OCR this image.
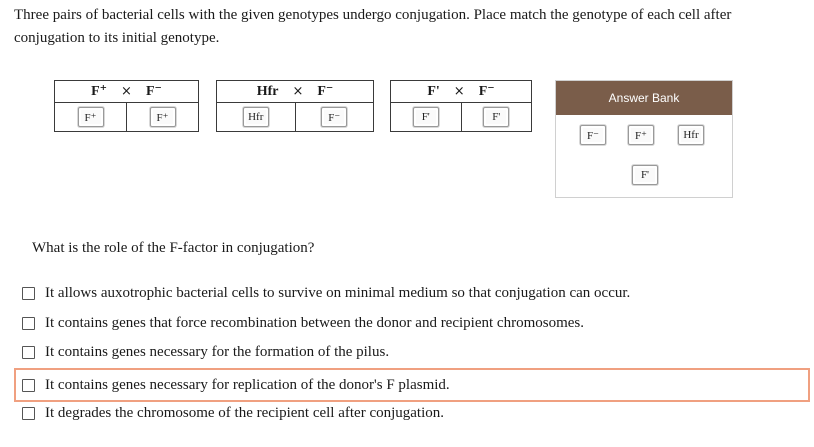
Three pairs of bacterial cells with the given genotypes undergo conjugation. Place match the genotype of each cell after conjugation to its initial genotype.

F⁺ × F⁻
F⁺	F⁺
Hfr × F⁻
Hfr	F⁻
F' × F⁻
F'	F'
Answer Bank
F⁻	F⁺	Hfr
F'

What is the role of the F-factor in conjugation?

It allows auxotrophic bacterial cells to survive on minimal medium so that conjugation can occur.
It contains genes that force recombination between the donor and recipient chromosomes.
It contains genes necessary for the formation of the pilus.
It contains genes necessary for replication of the donor's F plasmid.
It degrades the chromosome of the recipient cell after conjugation.
